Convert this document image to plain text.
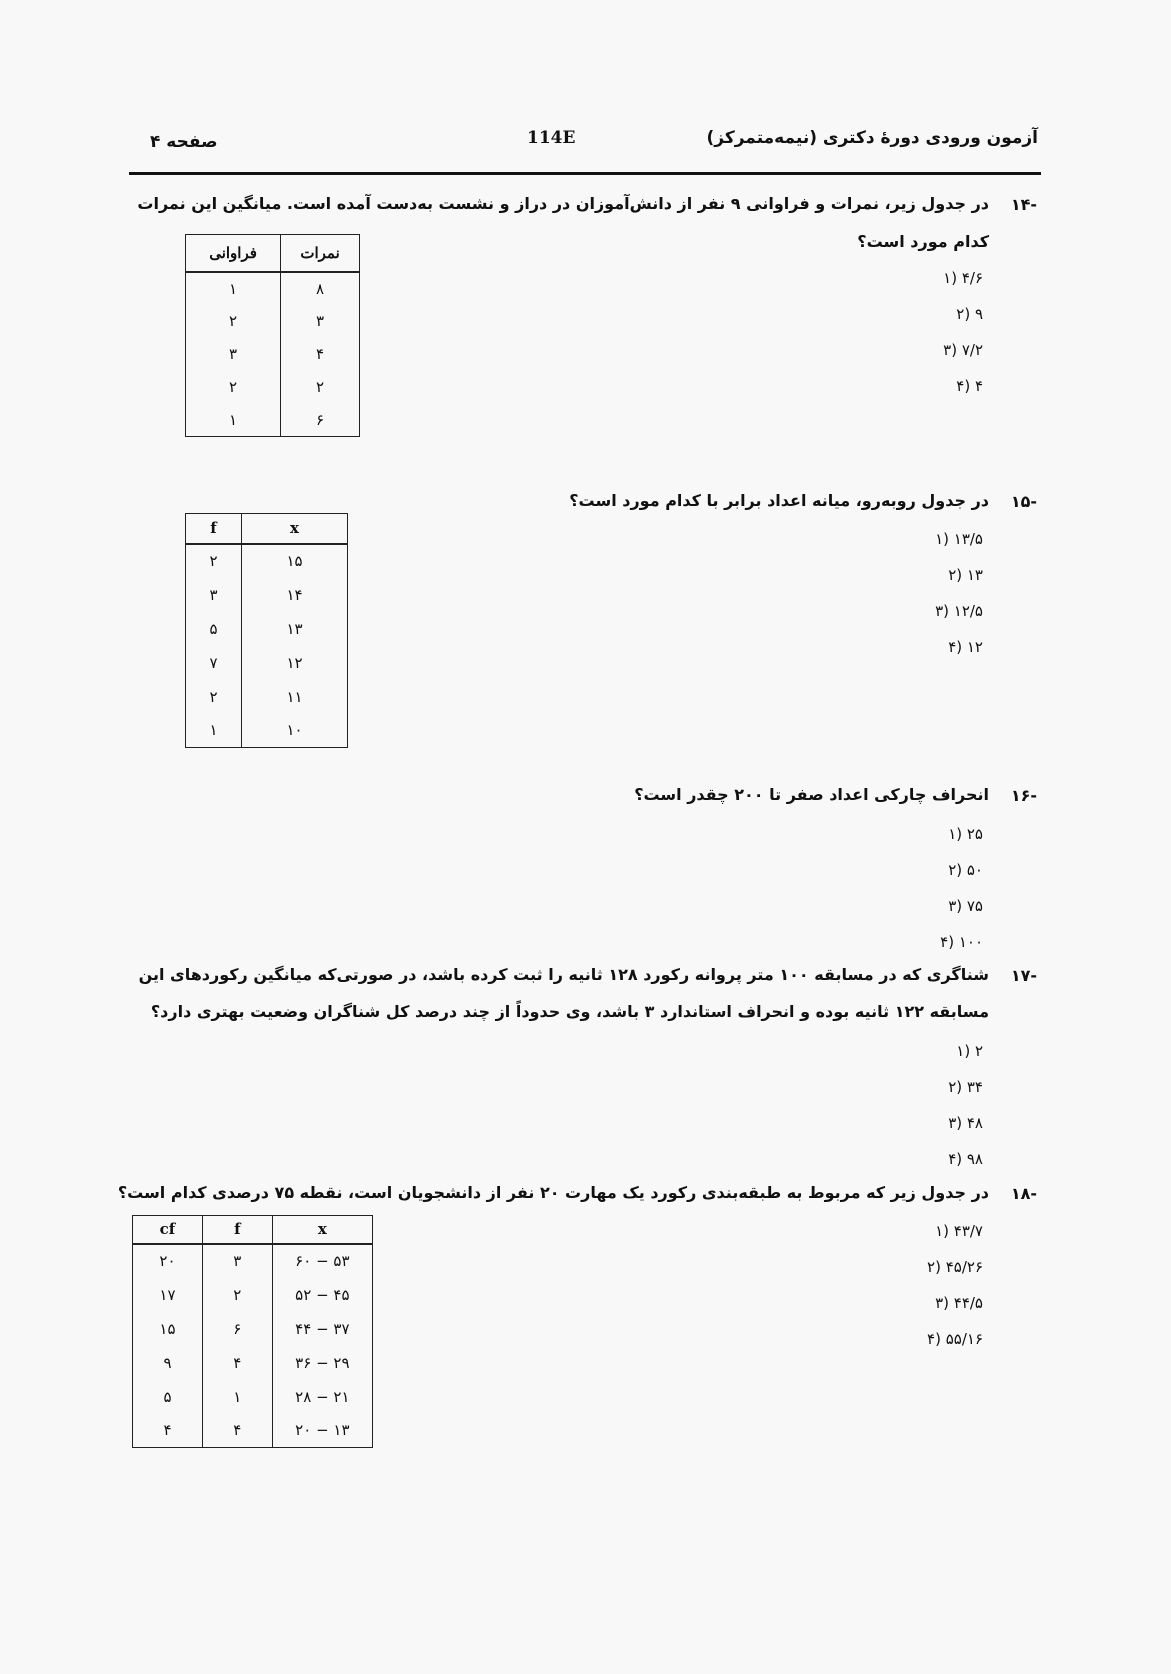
آزمون ورودی دورهٔ دکتری (نیمه‌متمرکز)
114E
صفحه ۴
-۱۴
در جدول زیر، نمرات و فراوانی ۹ نفر از دانش‌آموزان در دراز و نشست به‌دست آمده است. میانگین این نمرات
کدام مورد است؟
۴/۶ (۱
۹ (۲
۷/۲ (۳
۴ (۴
نمرات	فراوانی
۸	۱
۳	۲
۴	۳
۲	۲
۶	۱
-۱۵
در جدول روبه‌رو، میانه اعداد برابر با کدام مورد است؟
۱۳/۵ (۱
۱۳ (۲
۱۲/۵ (۳
۱۲ (۴
x	f
۱۵	۲
۱۴	۳
۱۳	۵
۱۲	۷
۱۱	۲
۱۰	۱
-۱۶
انحراف چارکی اعداد صفر تا ۲۰۰ چقدر است؟
۲۵ (۱
۵۰ (۲
۷۵ (۳
۱۰۰ (۴
-۱۷
شناگری که در مسابقه ۱۰۰ متر پروانه رکورد ۱۲۸ ثانیه را ثبت کرده باشد، در صورتی‌که میانگین رکوردهای این
مسابقه ۱۲۲ ثانیه بوده و انحراف استاندارد ۳ باشد، وی حدوداً از چند درصد کل شناگران وضعیت بهتری دارد؟
۲ (۱
۳۴ (۲
۴۸ (۳
۹۸ (۴
-۱۸
در جدول زیر که مربوط به طبقه‌بندی رکورد یک مهارت ۲۰ نفر از دانشجویان است، نقطه ۷۵ درصدی کدام است؟
۴۳/۷ (۱
۴۵/۲۶ (۲
۴۴/۵ (۳
۵۵/۱۶ (۴
x	f	cf
۵۳ − ۶۰	۳	۲۰
۴۵ − ۵۲	۲	۱۷
۳۷ − ۴۴	۶	۱۵
۲۹ − ۳۶	۴	۹
۲۱ − ۲۸	۱	۵
۱۳ − ۲۰	۴	۴
